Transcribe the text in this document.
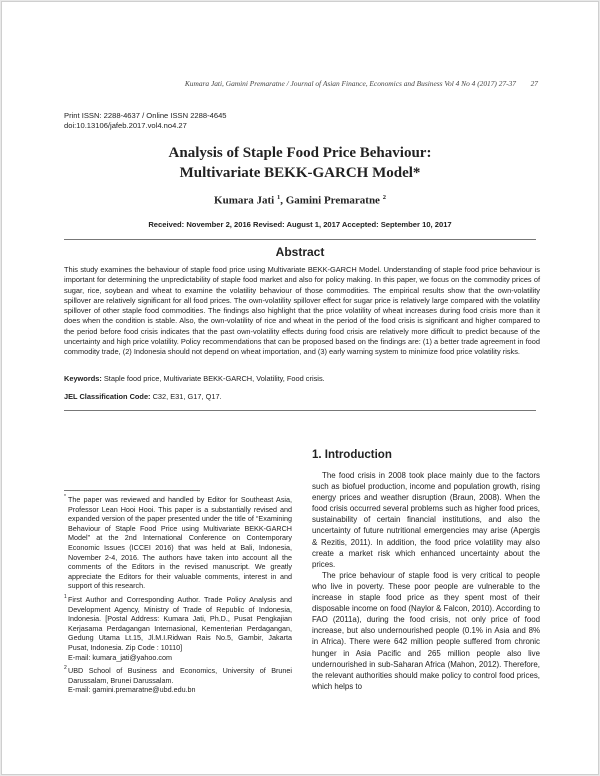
Kumara Jati, Gamini Premaratne / Journal of Asian Finance, Economics and Business Vol 4 No 4 (2017) 27-37 27
Print ISSN: 2288-4637 / Online ISSN 2288-4645
doi:10.13106/jafeb.2017.vol4.no4.27
Analysis of Staple Food Price Behaviour:
Multivariate BEKK-GARCH Model*
Kumara Jati $^1$, Gamini Premaratne $^2$
Received: November 2, 2016 Revised: August 1, 2017 Accepted: September 10, 2017
Abstract
This study examines the behaviour of staple food price using Multivariate BEKK-GARCH Model. Understanding of staple food price behaviour is important for determining the unpredictability of staple food market and also for policy making. In this paper, we focus on the commodity prices of sugar, rice, soybean and wheat to examine the volatility behaviour of those commodities. The empirical results show that the own-volatility spillover are relatively significant for all food prices. The own-volatility spillover effect for sugar price is relatively large compared with the volatility spillover of other staple food commodities. The findings also highlight that the price volatility of wheat increases during food crisis more than it does when the condition is stable. Also, the own-volatility of rice and wheat in the period of the food crisis is significant and higher compared to the period before food crisis indicates that the past own-volatility effects during food crisis are relatively more difficult to predict because of the uncertainty and high price volatility. Policy recommendations that can be proposed based on the findings are: (1) a better trade agreement in food commodity trade, (2) Indonesia should not depend on wheat importation, and (3) early warning system to minimize food price volatility risks.
Keywords: Staple food price, Multivariate BEKK-GARCH, Volatility, Food crisis.
JEL Classification Code: C32, E31, G17, Q17.
* The paper was reviewed and handled by Editor for Southeast Asia, Professor Lean Hooi Hooi. This paper is a substantially revised and expanded version of the paper presented under the title of “Examining Behaviour of Staple Food Price using Multivariate BEKK-GARCH Model” at the 2nd International Conference on Contemporary Economic Issues (ICCEI 2016) that was held at Bali, Indonesia, November 2-4, 2016. The authors have taken into account all the comments of the Editors in the revised manuscript. We greatly appreciate the Editors for their valuable comments, interest in and support of this research.
1 First Author and Corresponding Author. Trade Policy Analysis and Development Agency, Ministry of Trade of Republic of Indonesia, Indonesia. [Postal Address: Kumara Jati, Ph.D., Pusat Pengkajian Kerjasama Perdagangan Internasional, Kementerian Perdagangan, Gedung Utama Lt.15, Jl.M.I.Ridwan Rais No.5, Gambir, Jakarta Pusat, Indonesia. Zip Code : 10110]
E-mail: kumara_jati@yahoo.com
2 UBD School of Business and Economics, University of Brunei Darussalam, Brunei Darussalam.
E-mail: gamini.premaratne@ubd.edu.bn
1. Introduction

The food crisis in 2008 took place mainly due to the factors such as biofuel production, income and population growth, rising energy prices and weather disruption (Braun, 2008). When the food crisis occurred several problems such as higher food prices, sustainability of certain financial institutions, and also the uncertainty of future nutritional emergencies may arise (Apergis & Rezitis, 2011). In addition, the food price volatility may also create a market risk which enhanced uncertainty about the prices.

The price behaviour of staple food is very critical to people who live in poverty. These poor people are vulnerable to the increase in staple food price as they spent most of their disposable income on food (Naylor & Falcon, 2010). According to FAO (2011a), during the food crisis, not only price of food increase, but also undernourished people (0.1% in Asia and 8% in Africa). There were 642 million people suffered from chronic hunger in Asia Pacific and 265 million people also live undernourished in sub-Saharan Africa (Mahon, 2012). Therefore, the relevant authorities should make policy to control food prices, which helps to
